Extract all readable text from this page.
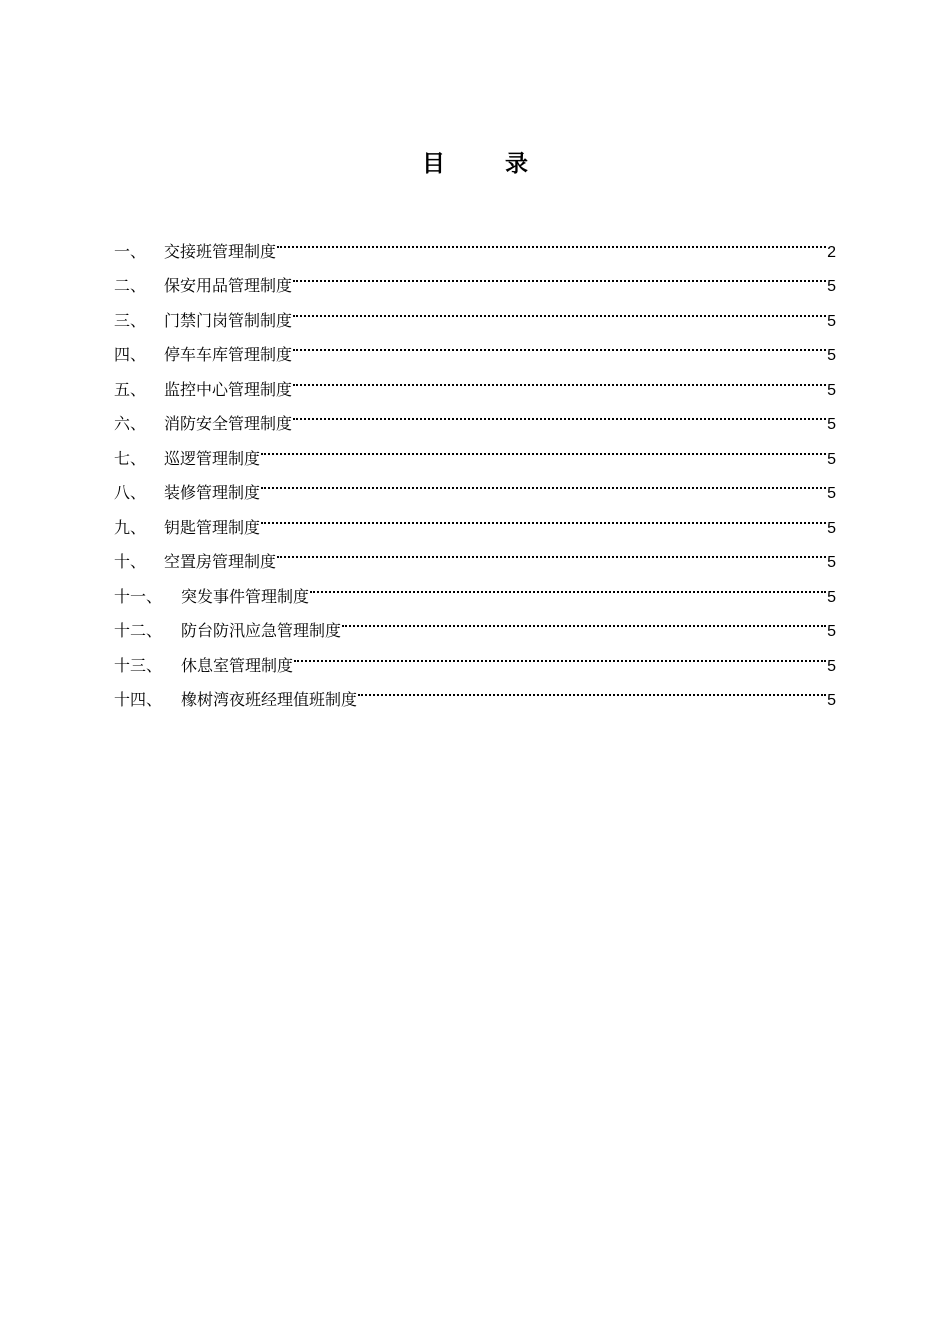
目 录
一、	交接班管理制度	2
二、	保安用品管理制度	5
三、	门禁门岗管制制度	5
四、	停车车库管理制度	5
五、	监控中心管理制度	5
六、	消防安全管理制度	5
七、	巡逻管理制度	5
八、	装修管理制度	5
九、	钥匙管理制度	5
十、	空置房管理制度	5
十一、	突发事件管理制度	5
十二、	防台防汛应急管理制度	5
十三、	休息室管理制度	5
十四、	橡树湾夜班经理值班制度	5
